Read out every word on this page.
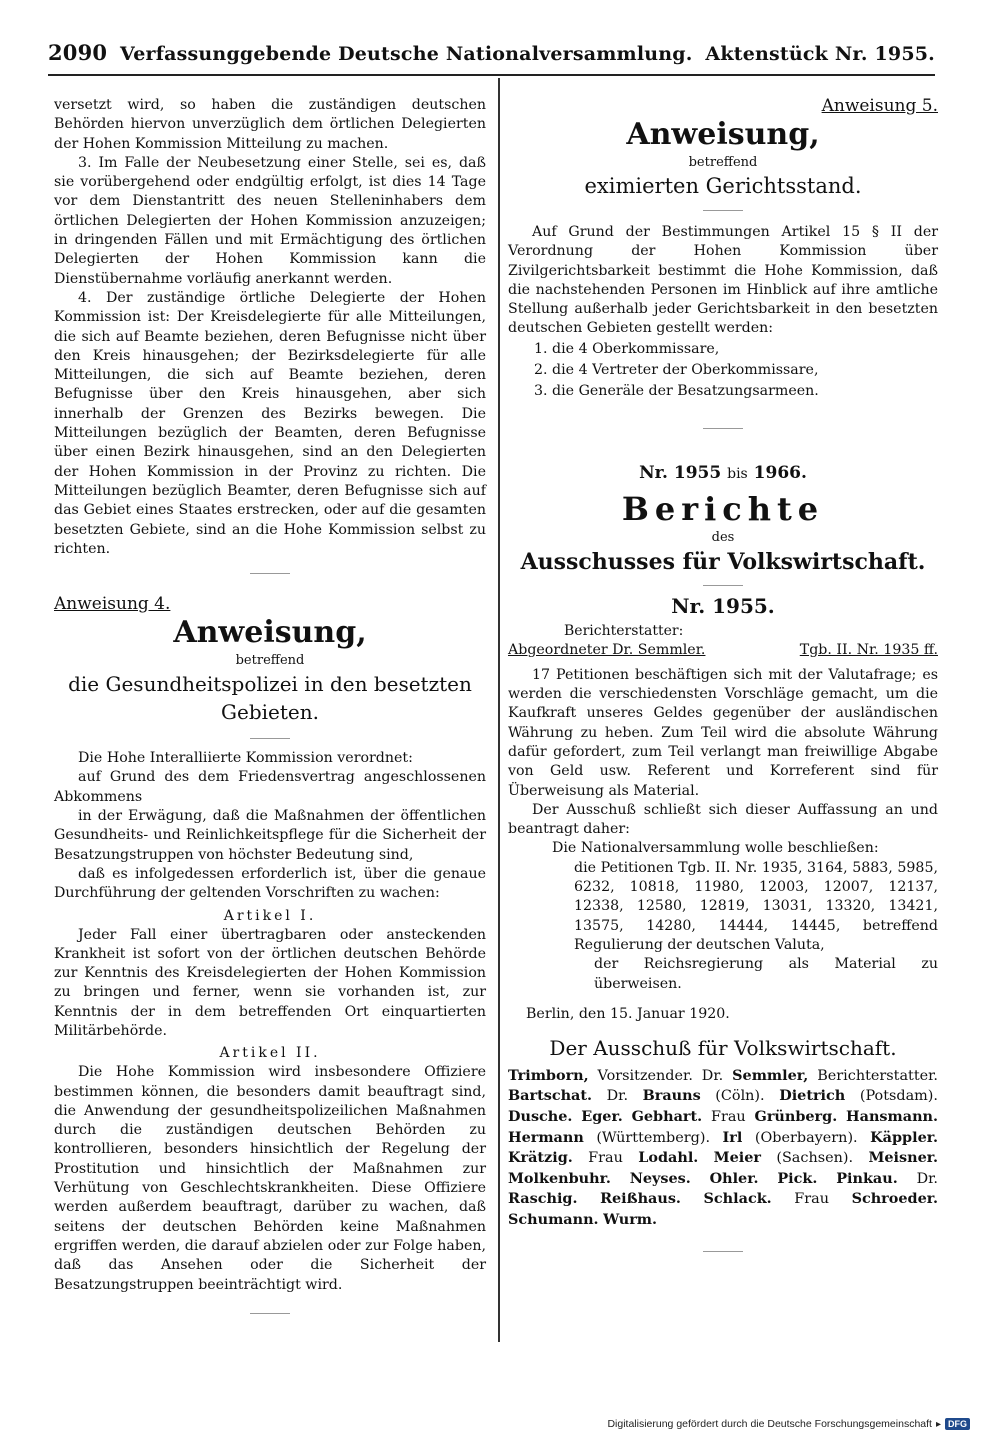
2090 Verfassunggebende Deutsche Nationalversammlung. Aktenstück Nr. 1955.

versetzt wird, so haben die zuständigen deutschen Behörden hiervon unverzüglich dem örtlichen Delegierten der Hohen Kommission Mitteilung zu machen.

3. Im Falle der Neubesetzung einer Stelle, sei es, daß sie vorübergehend oder endgültig erfolgt, ist dies 14 Tage vor dem Dienstantritt des neuen Stelleninhabers dem örtlichen Delegierten der Hohen Kommission anzuzeigen; in dringenden Fällen und mit Ermächtigung des örtlichen Delegierten der Hohen Kommission kann die Dienstübernahme vorläufig anerkannt werden.

4. Der zuständige örtliche Delegierte der Hohen Kommission ist: Der Kreisdelegierte für alle Mitteilungen, die sich auf Beamte beziehen, deren Befugnisse nicht über den Kreis hinausgehen; der Bezirksdelegierte für alle Mitteilungen, die sich auf Beamte beziehen, deren Befugnisse über den Kreis hinausgehen, aber sich innerhalb der Grenzen des Bezirks bewegen. Die Mitteilungen bezüglich der Beamten, deren Befugnisse über einen Bezirk hinausgehen, sind an den Delegierten der Hohen Kommission in der Provinz zu richten. Die Mitteilungen bezüglich Beamter, deren Befugnisse sich auf das Gebiet eines Staates erstrecken, oder auf die gesamten besetzten Gebiete, sind an die Hohe Kommission selbst zu richten.

Anweisung 4.
Anweisung,
betreffend
die Gesundheitspolizei in den besetzten Gebieten.

Die Hohe Interalliierte Kommission verordnet:

auf Grund des dem Friedensvertrag angeschlossenen Abkommens

in der Erwägung, daß die Maßnahmen der öffentlichen Gesundheits- und Reinlichkeitspflege für die Sicherheit der Besatzungstruppen von höchster Bedeutung sind,

daß es infolgedessen erforderlich ist, über die genaue Durchführung der geltenden Vorschriften zu wachen:

Artikel I.

Jeder Fall einer übertragbaren oder ansteckenden Krankheit ist sofort von der örtlichen deutschen Behörde zur Kenntnis des Kreisdelegierten der Hohen Kommission zu bringen und ferner, wenn sie vorhanden ist, zur Kenntnis der in dem betreffenden Ort einquartierten Militärbehörde.

Artikel II.

Die Hohe Kommission wird insbesondere Offiziere bestimmen können, die besonders damit beauftragt sind, die Anwendung der gesundheitspolizeilichen Maßnahmen durch die zuständigen deutschen Behörden zu kontrollieren, besonders hinsichtlich der Regelung der Prostitution und hinsichtlich der Maßnahmen zur Verhütung von Geschlechtskrankheiten. Diese Offiziere werden außerdem beauftragt, darüber zu wachen, daß seitens der deutschen Behörden keine Maßnahmen ergriffen werden, die darauf abzielen oder zur Folge haben, daß das Ansehen oder die Sicherheit der Besatzungstruppen beeinträchtigt wird.

Anweisung 5.
Anweisung,
betreffend
eximierten Gerichtsstand.

Auf Grund der Bestimmungen Artikel 15 § II der Verordnung der Hohen Kommission über Zivilgerichtsbarkeit bestimmt die Hohe Kommission, daß die nachstehenden Personen im Hinblick auf ihre amtliche Stellung außerhalb jeder Gerichtsbarkeit in den besetzten deutschen Gebieten gestellt werden:

1. die 4 Oberkommissare,
2. die 4 Vertreter der Oberkommissare,
3. die Generäle der Besatzungsarmeen.
Nr. 1955 bis 1966.
Berichte
des
Ausschusses für Volkswirtschaft.
Nr. 1955.
Berichterstatter:
Abgeordneter Dr. Semmler.	Tgb. II. Nr. 1935 ff.

17 Petitionen beschäftigen sich mit der Valutafrage; es werden die verschiedensten Vorschläge gemacht, um die Kaufkraft unseres Geldes gegenüber der ausländischen Währung zu heben. Zum Teil wird die absolute Währung dafür gefordert, zum Teil verlangt man freiwillige Abgabe von Geld usw. Referent und Korreferent sind für Überweisung als Material.

Der Ausschuß schließt sich dieser Auffassung an und beantragt daher:

Die Nationalversammlung wolle beschließen:

die Petitionen Tgb. II. Nr. 1935, 3164, 5883, 5985, 6232, 10818, 11980, 12003, 12007, 12137, 12338, 12580, 12819, 13031, 13320, 13421, 13575, 14280, 14444, 14445, betreffend Regulierung der deutschen Valuta,

der Reichsregierung als Material zu überweisen.

Berlin, den 15. Januar 1920.

Der Ausschuß für Volkswirtschaft.

Trimborn, Vorsitzender. Dr. Semmler, Berichterstatter. Bartschat. Dr. Brauns (Cöln). Dietrich (Potsdam). Dusche. Eger. Gebhart. Frau Grünberg. Hansmann. Hermann (Württemberg). Irl (Oberbayern). Käppler. Krätzig. Frau Lodahl. Meier (Sachsen). Meisner. Molkenbuhr. Neyses. Ohler. Pick. Pinkau. Dr. Raschig. Reißhaus. Schlack. Frau Schroeder. Schumann. Wurm.

Digitalisierung gefördert durch die Deutsche Forschungsgemeinschaft ▸ DFG
